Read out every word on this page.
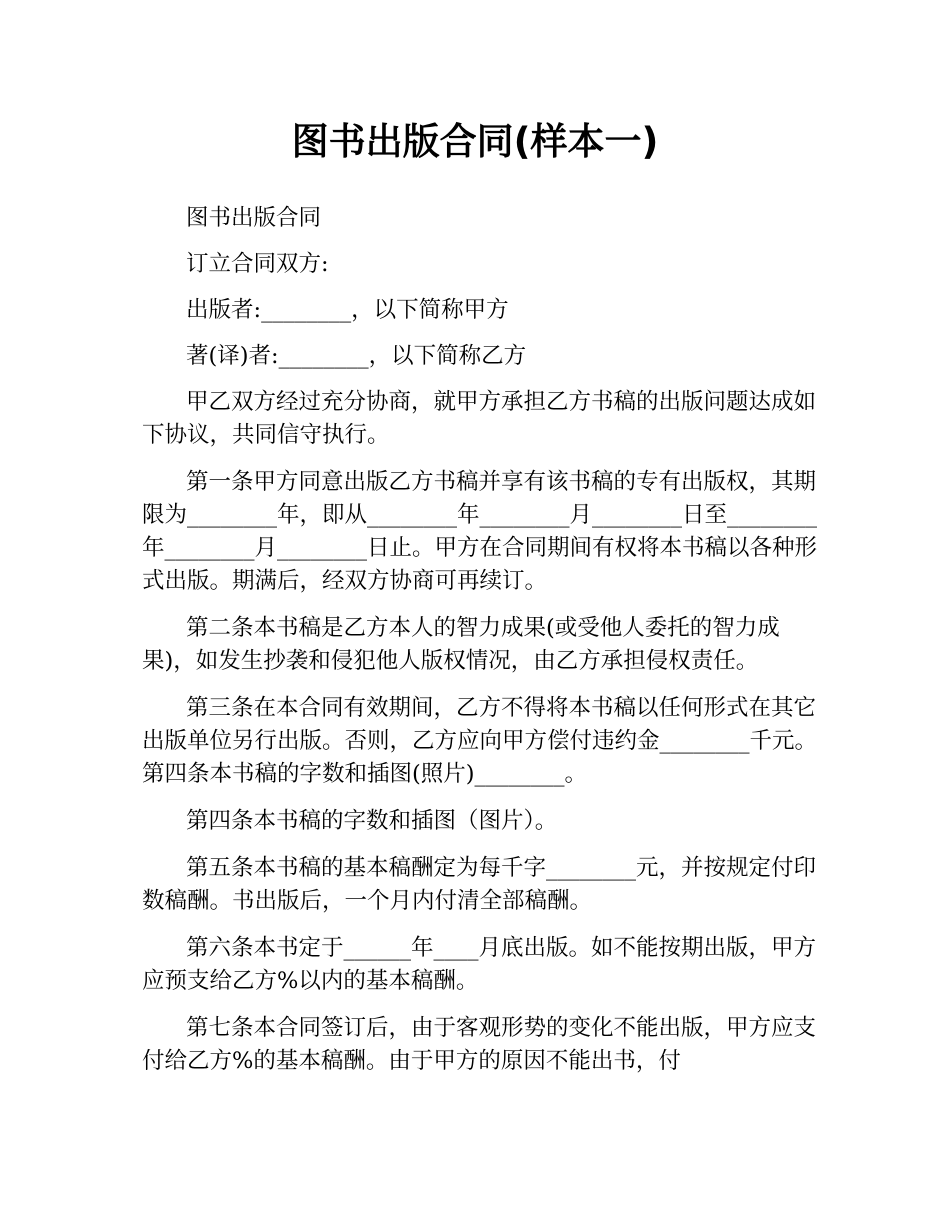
图书出版合同(样本一)

图书出版合同

订立合同双方:

出版者:________，以下简称甲方

著(译)者:________，以下简称乙方

甲乙双方经过充分协商，就甲方承担乙方书稿的出版问题达成如下协议，共同信守执行。

第一条甲方同意出版乙方书稿并享有该书稿的专有出版权，其期限为________年，即从________年________月________日至________年________月________日止。甲方在合同期间有权将本书稿以各种形式出版。期满后，经双方协商可再续订。

第二条本书稿是乙方本人的智力成果(或受他人委托的智力成果)，如发生抄袭和侵犯他人版权情况，由乙方承担侵权责任。

第三条在本合同有效期间，乙方不得将本书稿以任何形式在其它出版单位另行出版。否则，乙方应向甲方偿付违约金________千元。第四条本书稿的字数和插图(照片)________。

第四条本书稿的字数和插图（图片）。

第五条本书稿的基本稿酬定为每千字________元，并按规定付印数稿酬。书出版后，一个月内付清全部稿酬。

第六条本书定于______年____月底出版。如不能按期出版，甲方应预支给乙方%以内的基本稿酬。

第七条本合同签订后，由于客观形势的变化不能出版，甲方应支付给乙方%的基本稿酬。由于甲方的原因不能出书，付
